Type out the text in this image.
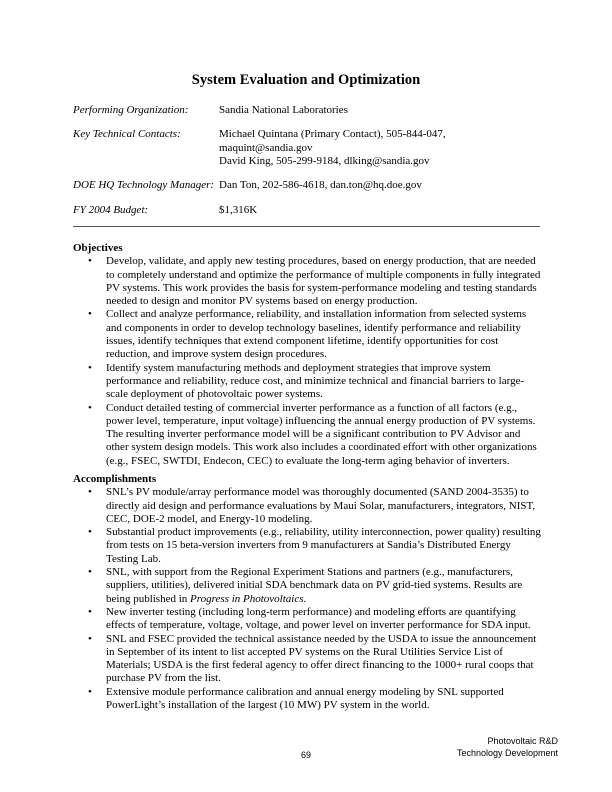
System Evaluation and Optimization
Performing Organization:	Sandia National Laboratories
Key Technical Contacts:	Michael Quintana (Primary Contact), 505-844-047,
maquint@sandia.gov
David King, 505-299-9184, dlking@sandia.gov
DOE HQ Technology Manager: Dan Ton, 202-586-4618, dan.ton@hq.doe.gov
FY 2004 Budget:	$1,316K
Objectives
• Develop, validate, and apply new testing procedures, based on energy production, that are needed to completely understand and optimize the performance of multiple components in fully integrated PV systems. This work provides the basis for system-performance modeling and testing standards needed to design and monitor PV systems based on energy production.
• Collect and analyze performance, reliability, and installation information from selected systems and components in order to develop technology baselines, identify performance and reliability issues, identify techniques that extend component lifetime, identify opportunities for cost reduction, and improve system design procedures.
• Identify system manufacturing methods and deployment strategies that improve system performance and reliability, reduce cost, and minimize technical and financial barriers to large-scale deployment of photovoltaic power systems.
• Conduct detailed testing of commercial inverter performance as a function of all factors (e.g., power level, temperature, input voltage) influencing the annual energy production of PV systems. The resulting inverter performance model will be a significant contribution to PV Advisor and other system design models. This work also includes a coordinated effort with other organizations (e.g., FSEC, SWTDI, Endecon, CEC) to evaluate the long-term aging behavior of inverters.
Accomplishments
• SNL’s PV module/array performance model was thoroughly documented (SAND 2004-3535) to directly aid design and performance evaluations by Maui Solar, manufacturers, integrators, NIST, CEC, DOE-2 model, and Energy-10 modeling.
• Substantial product improvements (e.g., reliability, utility interconnection, power quality) resulting from tests on 15 beta-version inverters from 9 manufacturers at Sandia’s Distributed Energy Testing Lab.
• SNL, with support from the Regional Experiment Stations and partners (e.g., manufacturers, suppliers, utilities), delivered initial SDA benchmark data on PV grid-tied systems. Results are being published in Progress in Photovoltaics.
• New inverter testing (including long-term performance) and modeling efforts are quantifying effects of temperature, voltage, voltage, and power level on inverter performance for SDA input.
• SNL and FSEC provided the technical assistance needed by the USDA to issue the announcement in September of its intent to list accepted PV systems on the Rural Utilities Service List of Materials; USDA is the first federal agency to offer direct financing to the 1000+ rural coops that purchase PV from the list.
• Extensive module performance calibration and annual energy modeling by SNL supported PowerLight’s installation of the largest (10 MW) PV system in the world.
69
Photovoltaic R&D
Technology Development
